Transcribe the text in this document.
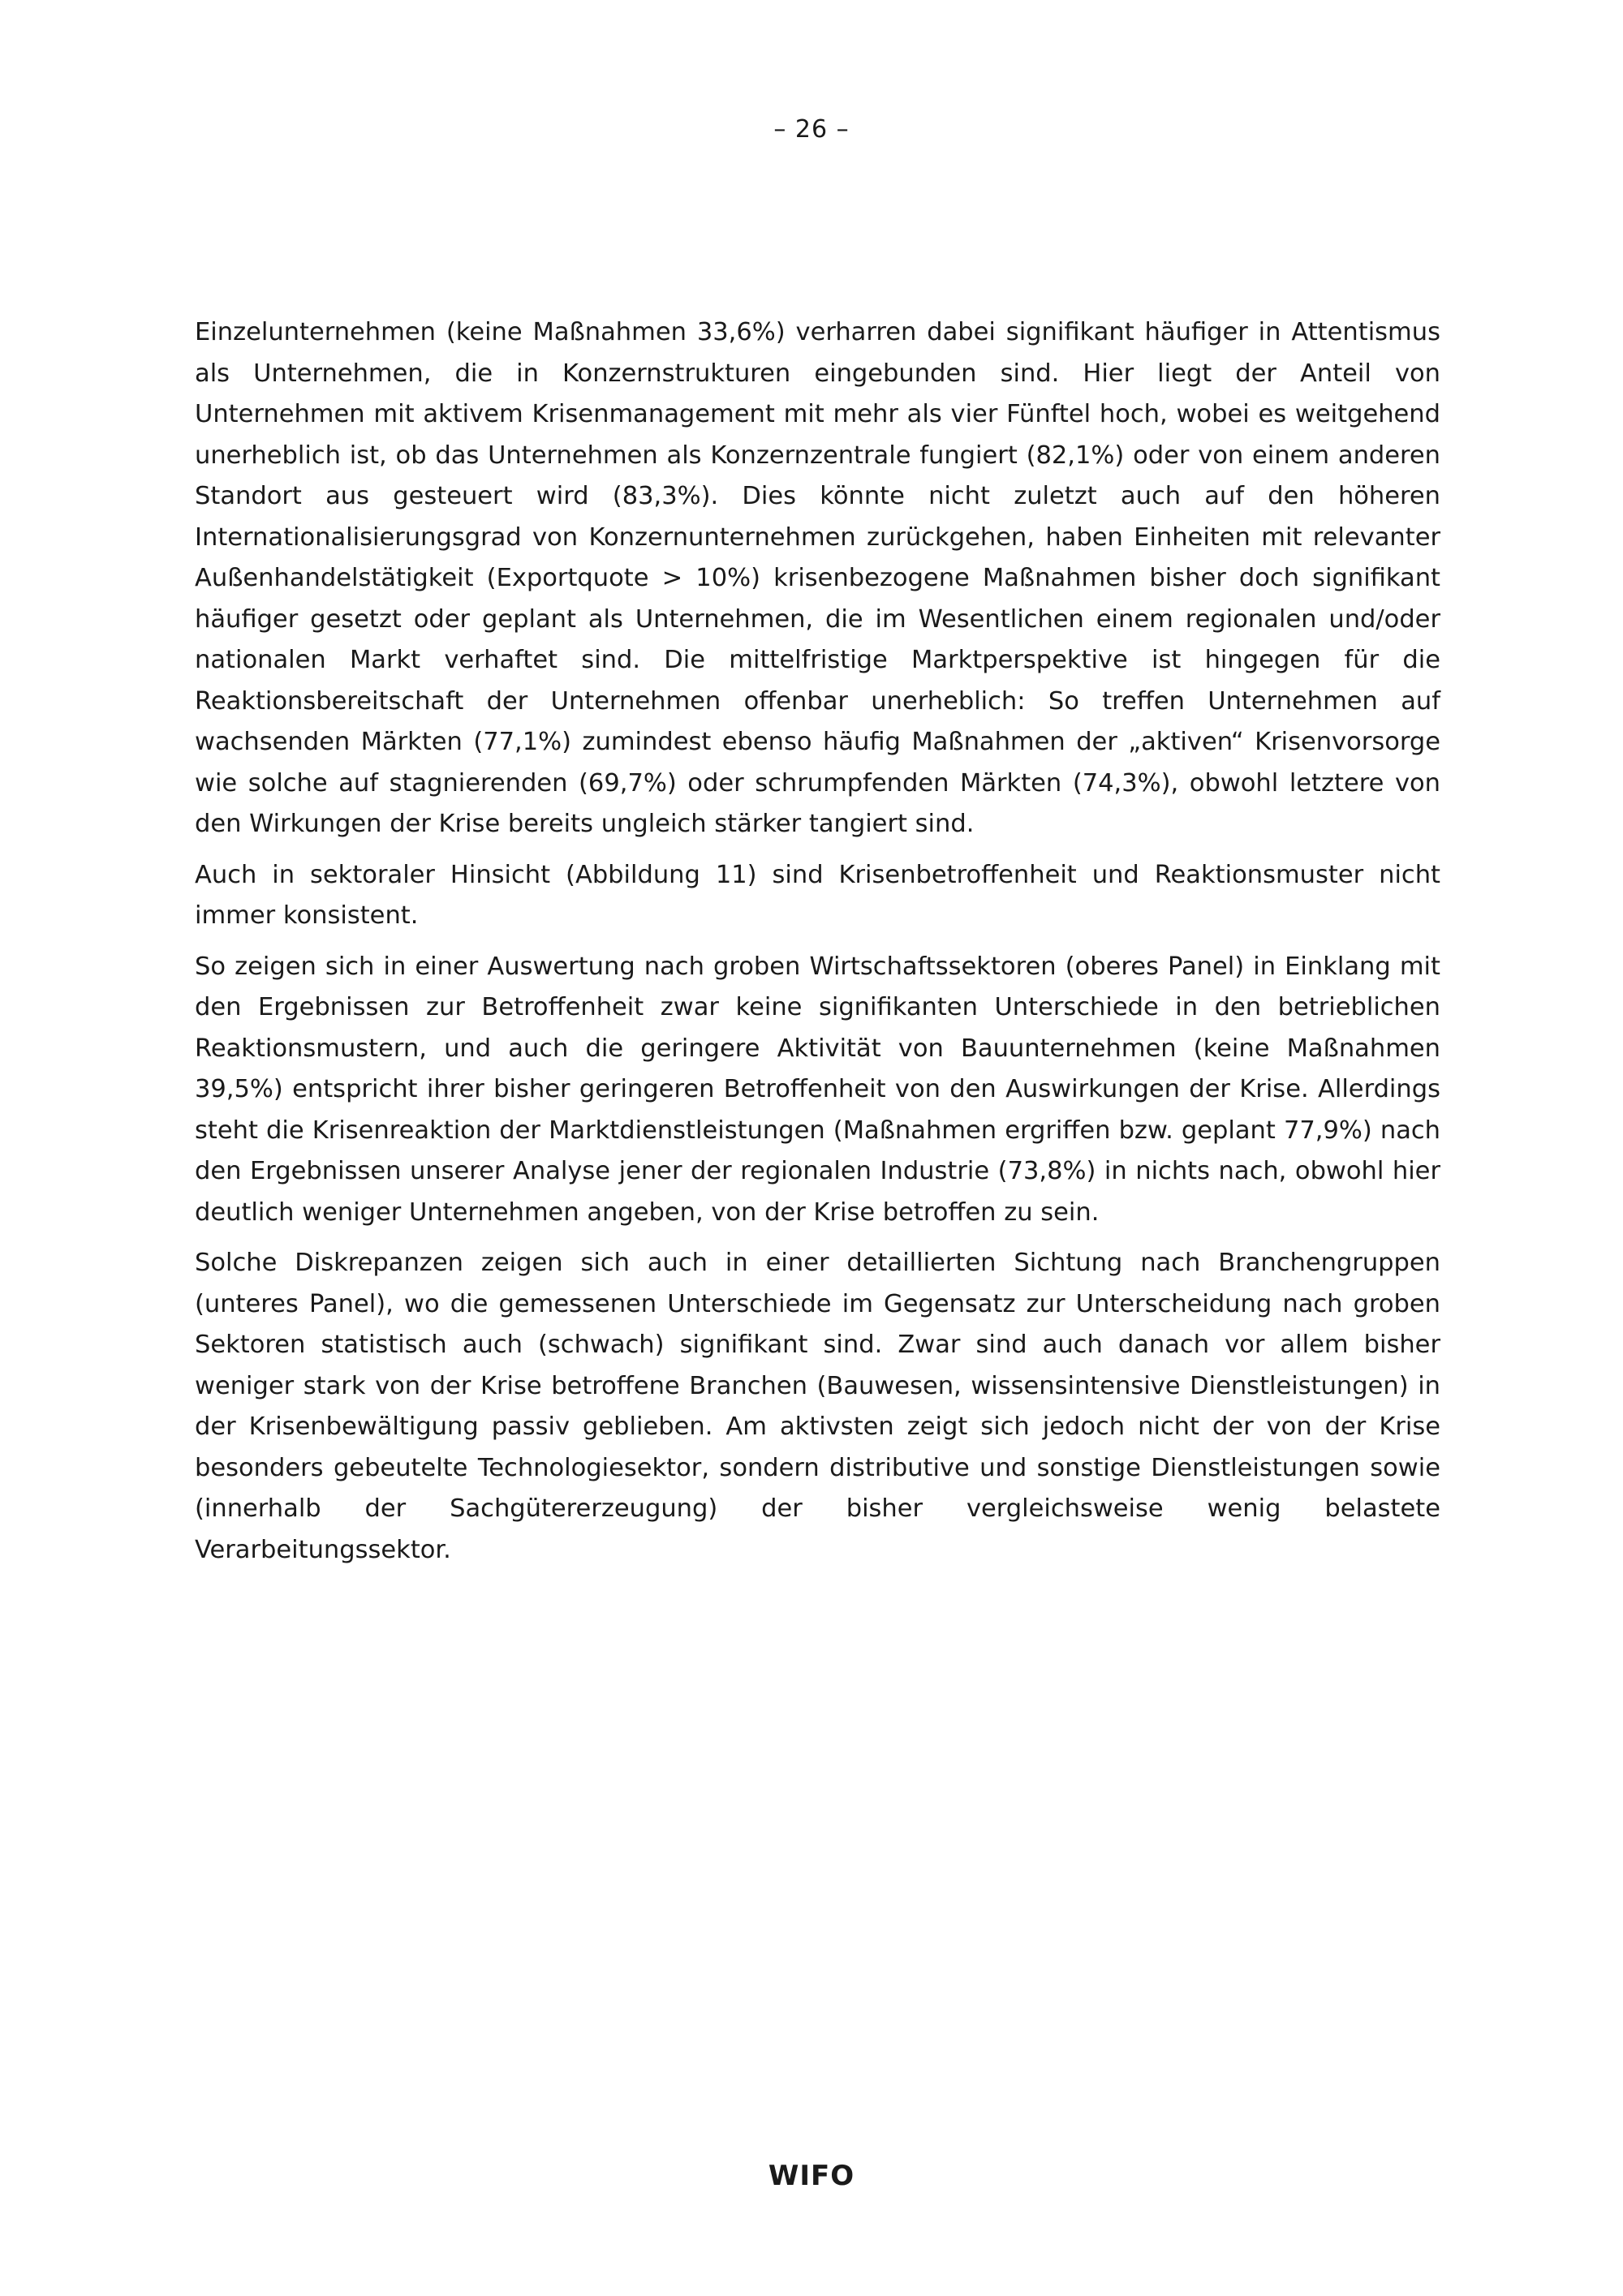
– 26 –

Einzelunternehmen (keine Maßnahmen 33,6%) verharren dabei signifikant häufiger in Attentismus als Unternehmen, die in Konzernstrukturen eingebunden sind. Hier liegt der Anteil von Unternehmen mit aktivem Krisenmanagement mit mehr als vier Fünftel hoch, wobei es weitgehend unerheblich ist, ob das Unternehmen als Konzernzentrale fungiert (82,1%) oder von einem anderen Standort aus gesteuert wird (83,3%). Dies könnte nicht zuletzt auch auf den höheren Internationalisierungsgrad von Konzernunternehmen zurückgehen, haben Einheiten mit relevanter Außenhandelstätigkeit (Exportquote > 10%) krisenbezogene Maßnahmen bisher doch signifikant häufiger gesetzt oder geplant als Unternehmen, die im Wesentlichen einem regionalen und/oder nationalen Markt verhaftet sind. Die mittelfristige Marktperspektive ist hingegen für die Reaktionsbereitschaft der Unternehmen offenbar unerheblich: So treffen Unternehmen auf wachsenden Märkten (77,1%) zumindest ebenso häufig Maßnahmen der „aktiven“ Krisenvorsorge wie solche auf stagnierenden (69,7%) oder schrumpfenden Märkten (74,3%), obwohl letztere von den Wirkungen der Krise bereits ungleich stärker tangiert sind.

Auch in sektoraler Hinsicht (Abbildung 11) sind Krisenbetroffenheit und Reaktionsmuster nicht immer konsistent.

So zeigen sich in einer Auswertung nach groben Wirtschaftssektoren (oberes Panel) in Einklang mit den Ergebnissen zur Betroffenheit zwar keine signifikanten Unterschiede in den betrieblichen Reaktionsmustern, und auch die geringere Aktivität von Bauunternehmen (keine Maßnahmen 39,5%) entspricht ihrer bisher geringeren Betroffenheit von den Auswirkungen der Krise. Allerdings steht die Krisenreaktion der Marktdienstleistungen (Maßnahmen ergriffen bzw. geplant 77,9%) nach den Ergebnissen unserer Analyse jener der regionalen Industrie (73,8%) in nichts nach, obwohl hier deutlich weniger Unternehmen angeben, von der Krise betroffen zu sein.

Solche Diskrepanzen zeigen sich auch in einer detaillierten Sichtung nach Branchengruppen (unteres Panel), wo die gemessenen Unterschiede im Gegensatz zur Unterscheidung nach groben Sektoren statistisch auch (schwach) signifikant sind. Zwar sind auch danach vor allem bisher weniger stark von der Krise betroffene Branchen (Bauwesen, wissensintensive Dienstleistungen) in der Krisenbewältigung passiv geblieben. Am aktivsten zeigt sich jedoch nicht der von der Krise besonders gebeutelte Technologiesektor, sondern distributive und sonstige Dienstleistungen sowie (innerhalb der Sachgütererzeugung) der bisher vergleichsweise wenig belastete Verarbeitungssektor.

WIFO
